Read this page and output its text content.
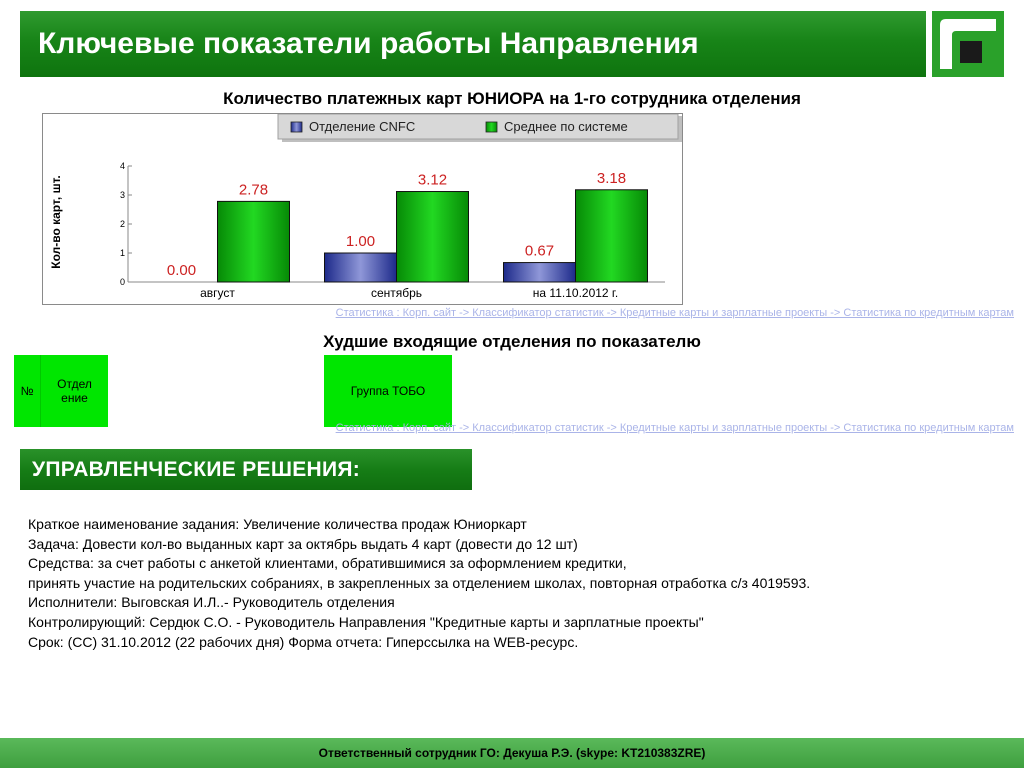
Ключевые показатели работы Направления
Количество платежных карт ЮНИОРА на 1-го сотрудника отделения
Кол-во карт, шт.
0
1
2
3
4
0.00
2.78
1.00
3.12
0.67
3.18
август	сентябрь	на 11.10.2012 г.
Отделение CNFC	Среднее по системе
Статистика : Корп. сайт -> Классификатор статистик -> Кредитные карты и зарплатные проекты -> Статистика по кредитным картам
Худшие входящие отделения по показателю
№	Отдел ение	Группа ТОБО
Статистика : Корп. сайт -> Классификатор статистик -> Кредитные карты и зарплатные проекты -> Статистика по кредитным картам
УПРАВЛЕНЧЕСКИЕ РЕШЕНИЯ:
Краткое наименование задания: Увеличение количества продаж Юниоркарт
Задача: Довести кол-во выданных карт за октябрь выдать 4 карт (довести до 12 шт)
Средства: за счет работы с анкетой клиентами, обратившимися за оформлением кредитки,
принять участие на родительских собраниях, в закрепленных за отделением школах, повторная отработка с/з 4019593.
Исполнители: Выговская И.Л..- Руководитель отделения
Контролирующий: Сердюк С.О. - Руководитель Направления "Кредитные карты и зарплатные проекты"
Срок: (СС) 31.10.2012 (22 рабочих дня) Форма отчета: Гиперссылка на WEB-ресурс.
Ответственный сотрудник ГО: Декуша Р.Э. (skype: KT210383ZRE)
